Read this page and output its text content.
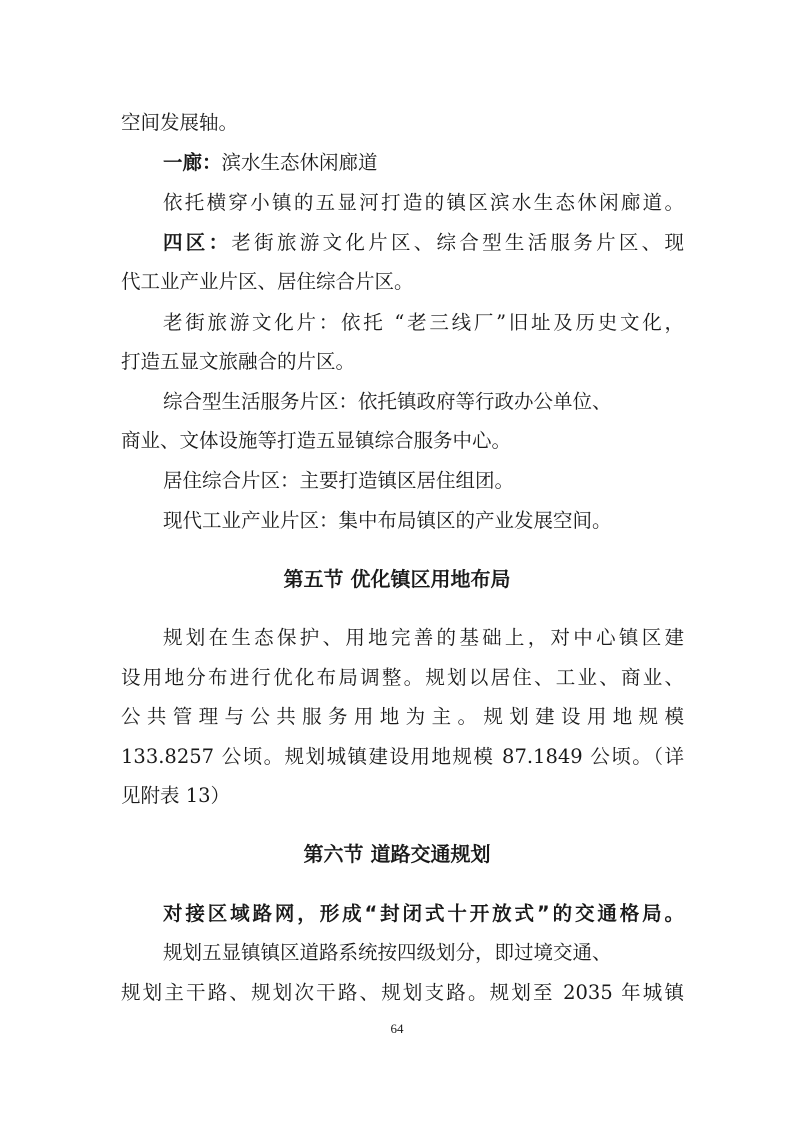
空间发展轴。
一廊：滨水生态休闲廊道
依托横穿小镇的五显河打造的镇区滨水生态休闲廊道。
四区：老街旅游文化片区、综合型生活服务片区、现
代工业产业片区、居住综合片区。
老街旅游文化片：依托 “老三线厂”旧址及历史文化，
打造五显文旅融合的片区。
综合型生活服务片区：依托镇政府等行政办公单位、
商业、文体设施等打造五显镇综合服务中心。
居住综合片区：主要打造镇区居住组团。
现代工业产业片区：集中布局镇区的产业发展空间。
第五节 优化镇区用地布局
规划在生态保护、用地完善的基础上，对中心镇区建
设用地分布进行优化布局调整。规划以居住、工业、商业、
公共管理与公共服务用地为主。规划建设用地规模
133.8257 公顷。规划城镇建设用地规模 87.1849 公顷。（详
见附表 13）
第六节 道路交通规划
对接区域路网，形成“封闭式十开放式”的交通格局。
规划五显镇镇区道路系统按四级划分，即过境交通、
规划主干路、规划次干路、规划支路。规划至 2035 年城镇
64
